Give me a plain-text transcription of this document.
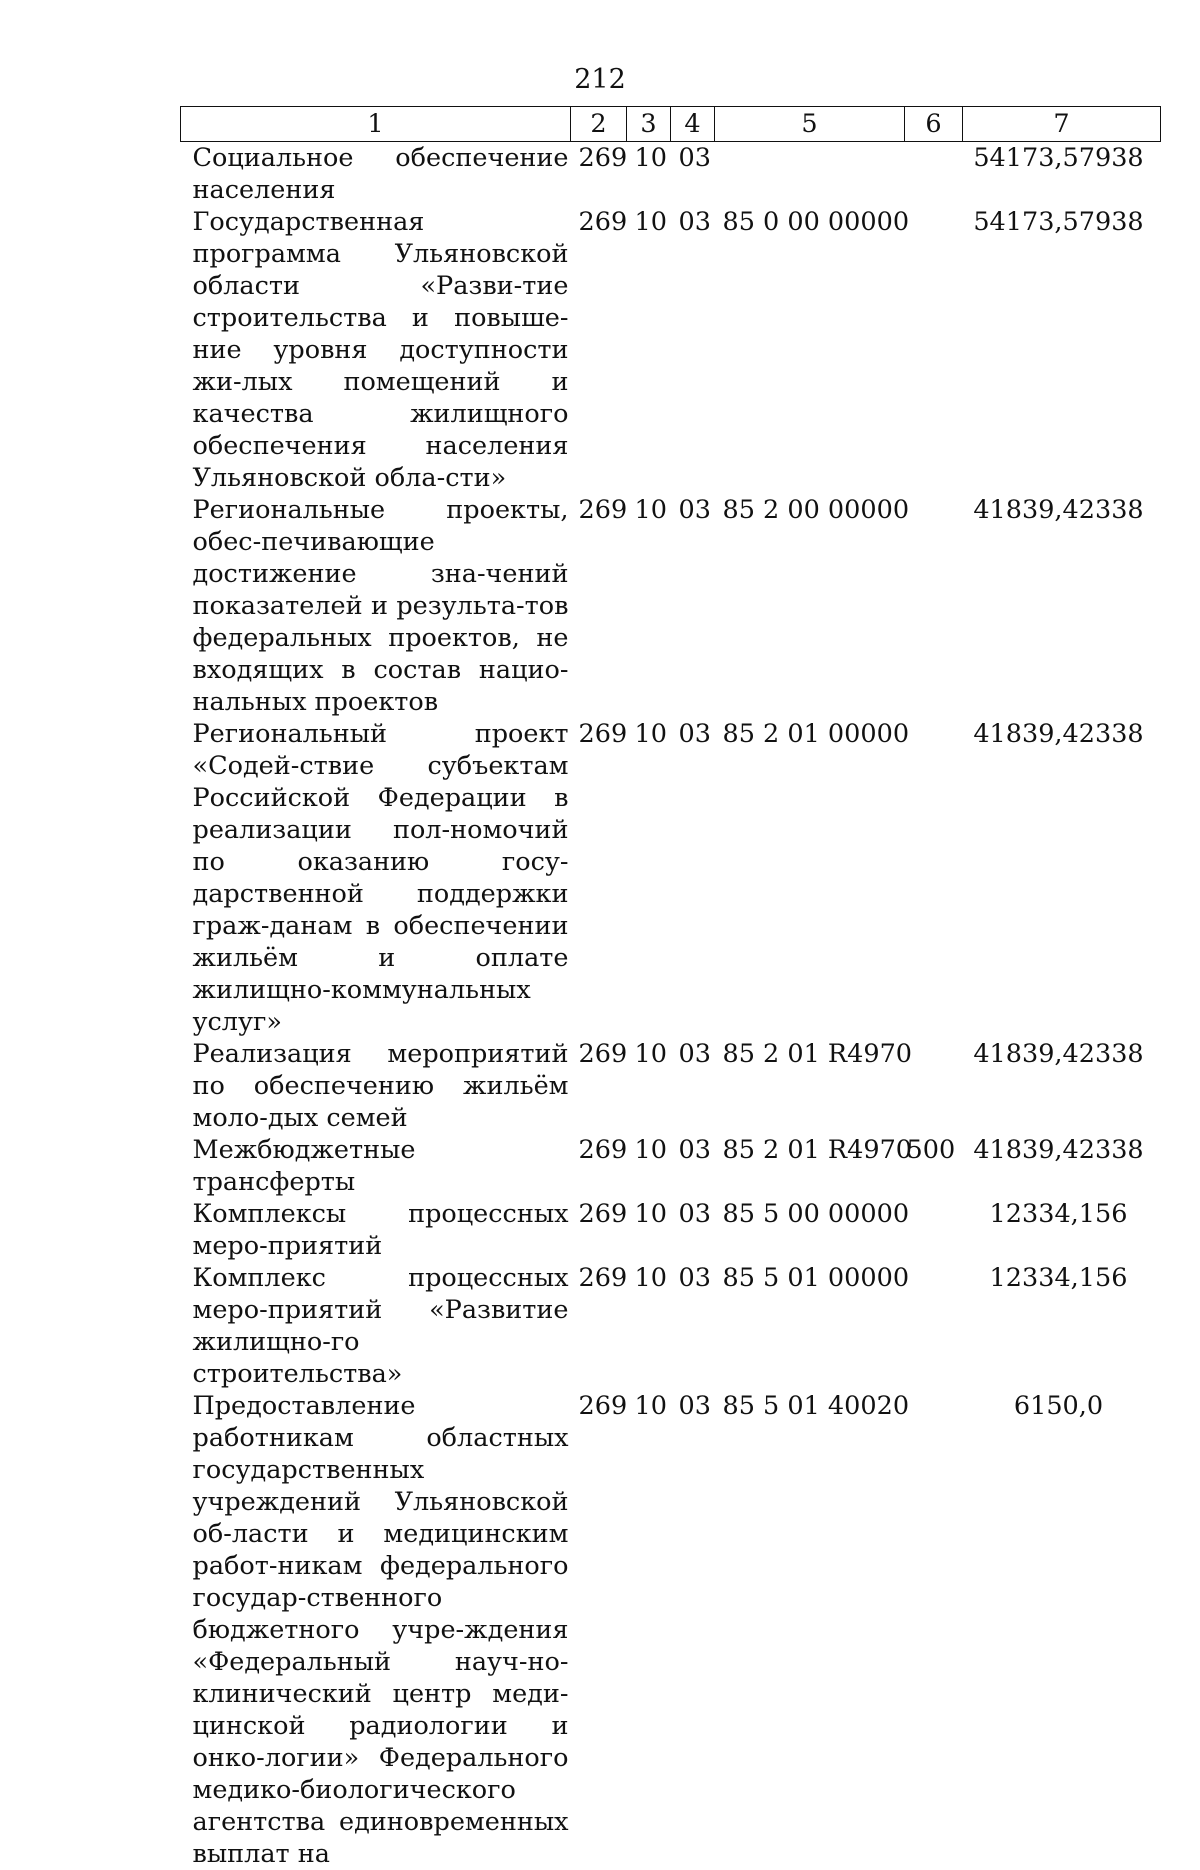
212
1	2	3	4	5	6	7
Социальное обеспечение населения	269	10	03			54173,57938
Государственная программа Ульяновской области «Разви-тие строительства и повыше-ние уровня доступности жи-лых помещений и качества жилищного обеспечения населения Ульяновской обла-сти»	269	10	03	85 0 00 00000		54173,57938
Региональные проекты, обес-печивающие достижение зна-чений показателей и результа-тов федеральных проектов, не входящих в состав нацио-нальных проектов	269	10	03	85 2 00 00000		41839,42338
Региональный проект «Содей-ствие субъектам Российской Федерации в реализации пол-номочий по оказанию госу-дарственной поддержки граж-данам в обеспечении жильём и оплате жилищно-коммунальных услуг»	269	10	03	85 2 01 00000		41839,42338
Реализация мероприятий по обеспечению жильём моло-дых семей	269	10	03	85 2 01 R4970		41839,42338
Межбюджетные трансферты	269	10	03	85 2 01 R4970	500	41839,42338
Комплексы процессных меро-приятий	269	10	03	85 5 00 00000		12334,156
Комплекс процессных меро-приятий «Развитие жилищно-го строительства»	269	10	03	85 5 01 00000		12334,156
Предоставление работникам областных государственных учреждений Ульяновской об-ласти и медицинским работ-никам федерального государ-ственного бюджетного учре-ждения «Федеральный науч-но-клинический центр меди-цинской радиологии и онко-логии» Федерального медико-биологического агентства единовременных выплат на	269	10	03	85 5 01 40020		6150,0
